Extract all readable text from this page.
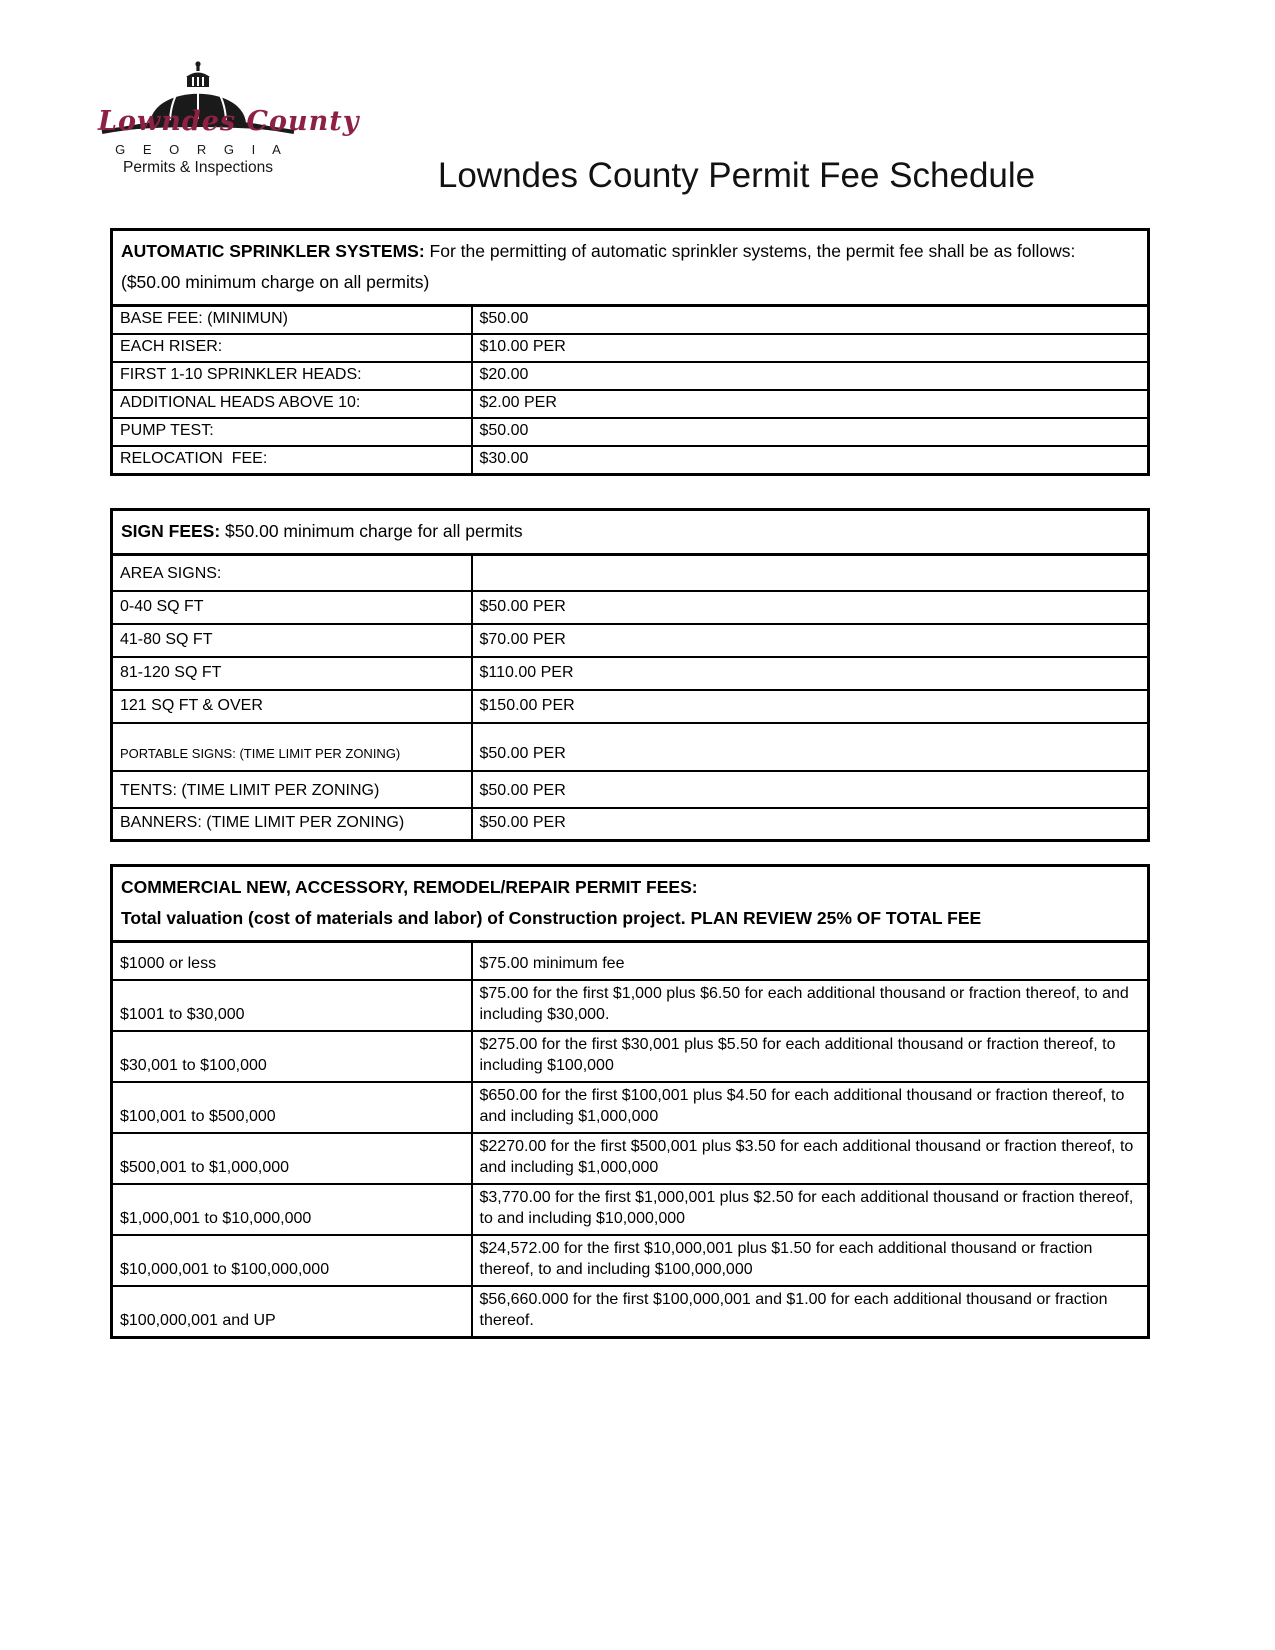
Lowndes County
G E O R G I A
Permits & Inspections	Lowndes County Permit Fee Schedule
AUTOMATIC SPRINKLER SYSTEMS: For the permitting of automatic sprinkler systems, the permit fee shall be as follows: ($50.00 minimum charge on all permits)	

BASE FEE: (MINIMUN)	$50.00
EACH RISER:	$10.00 PER
FIRST 1-10 SPRINKLER HEADS:	$20.00
ADDITIONAL HEADS ABOVE 10:	$2.00 PER
PUMP TEST:	$50.00
RELOCATION  FEE:	$30.00
SIGN FEES: $50.00 minimum charge for all permits	

AREA SIGNS:	
0-40 SQ FT	$50.00 PER
41-80 SQ FT	$70.00 PER
81-120 SQ FT	$110.00 PER
121 SQ FT & OVER	$150.00 PER
PORTABLE SIGNS: (TIME LIMIT PER ZONING)	$50.00 PER
TENTS: (TIME LIMIT PER ZONING)	$50.00 PER
BANNERS: (TIME LIMIT PER ZONING)	$50.00 PER
COMMERCIAL NEW, ACCESSORY, REMODEL/REPAIR PERMIT FEES:
Total valuation (cost of materials and labor) of Construction project. PLAN REVIEW 25% OF TOTAL FEE	

$1000 or less	$75.00 minimum fee
$1001 to $30,000	$75.00 for the first $1,000 plus $6.50 for each additional thousand or fraction thereof, to and including $30,000.
$30,001 to $100,000	$275.00 for the first $30,001 plus $5.50 for each additional thousand or fraction thereof, to including $100,000
$100,001 to $500,000	$650.00 for the first $100,001 plus $4.50 for each additional thousand or fraction thereof, to and including $1,000,000
$500,001 to $1,000,000	$2270.00 for the first $500,001 plus $3.50 for each additional thousand or fraction thereof, to and including $1,000,000
$1,000,001 to $10,000,000	$3,770.00 for the first $1,000,001 plus $2.50 for each additional thousand or fraction thereof, to and including $10,000,000
$10,000,001 to $100,000,000	$24,572.00 for the first $10,000,001 plus $1.50 for each additional thousand or fraction thereof, to and including $100,000,000
$100,000,001 and UP	$56,660.000 for the first $100,000,001 and $1.00 for each additional thousand or fraction thereof.
